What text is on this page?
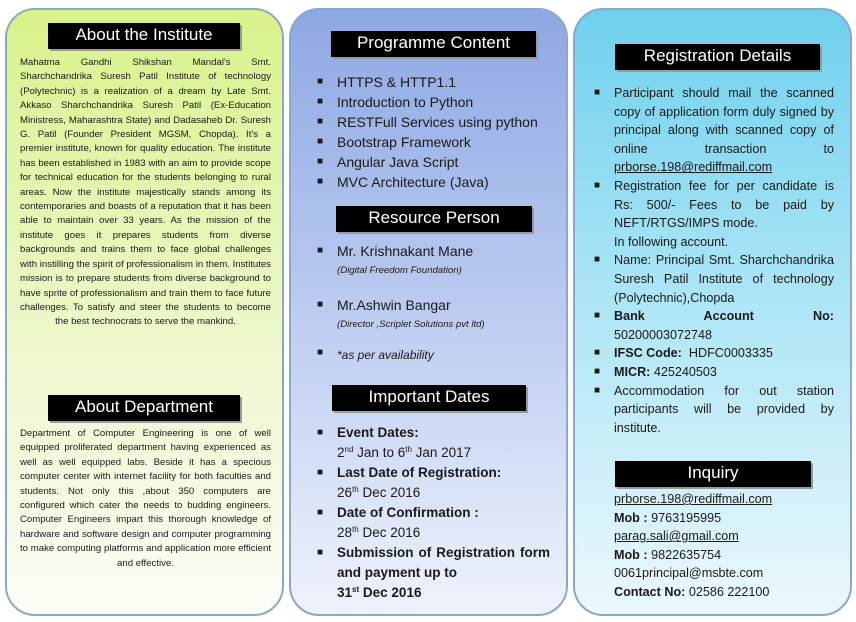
About the Institute
Mahatma Gandhi Shikshan Mandal's Smt. Sharchchandrika Suresh Patil Institute of technology (Polytechnic) is a realization of a dream by Late Smt. Akkaso Sharchchandrika Suresh Patil (Ex-Education Ministress, Maharashtra State) and Dadasaheb Dr. Suresh G. Patil (Founder President MGSM, Chopda). It's a premier institute, known for quality education. The institute has been established in 1983 with an aim to provide scope for technical education for the students belonging to rural areas. Now the institute majestically stands among its contemporaries and boasts of a reputation that it has been able to maintain over 33 years. As the mission of the institute goes it prepares students from diverse backgrounds and trains them to face global challenges with instilling the spirit of professionalism in them. Institutes mission is to prepare students from diverse background to have sprite of professionalism and train them to face future challenges. To satisfy and steer the students to become the best technocrats to serve the mankind.
About Department
Department of Computer Engineering is one of well equipped proliferated department having experienced as well as well equipped labs. Beside it has a specious computer center with internet facility for both faculties and students. Not only this ,about 350 computers are configured which cater the needs to budding engineers. Computer Engineers impart this thorough knowledge of hardware and software design and computer programming to make computing platforms and application more efficient and effective.
Programme Content
■ HTTPS & HTTP1.1
■ Introduction to Python
■ RESTFull Services using python
■ Bootstrap Framework
■ Angular Java Script
■ MVC Architecture (Java)
Resource Person
■ Mr. Krishnakant Mane
(Digital Freedom Foundation)
■ Mr.Ashwin Bangar
(Director ,Scriplet Solutions pvt ltd)
■ *as per availability
Important Dates
■ Event Dates:
2nd Jan to 6th Jan 2017
■ Last Date of Registration:
26th Dec 2016
■ Date of Confirmation :
28th Dec 2016
■ Submission of Registration form and payment up to
31st Dec 2016
Registration Details
■ Participant should mail the scanned copy of application form duly signed by principal along with scanned copy of online transaction to prborse.198@rediffmail.com
■ Registration fee for per candidate is Rs: 500/- Fees to be paid by NEFT/RTGS/IMPS mode.
In following account.
■ Name: Principal Smt. Sharchchandrika Suresh Patil Institute of technology (Polytechnic),Chopda
■ Bank Account No:
50200003072748
■ IFSC Code: HDFC0003335
■ MICR: 425240503
■ Accommodation for out station participants will be provided by institute.
Inquiry
prborse.198@rediffmail.com
Mob : 9763195995
parag.sali@gmail.com
Mob : 9822635754
0061principal@msbte.com
Contact No: 02586 222100
